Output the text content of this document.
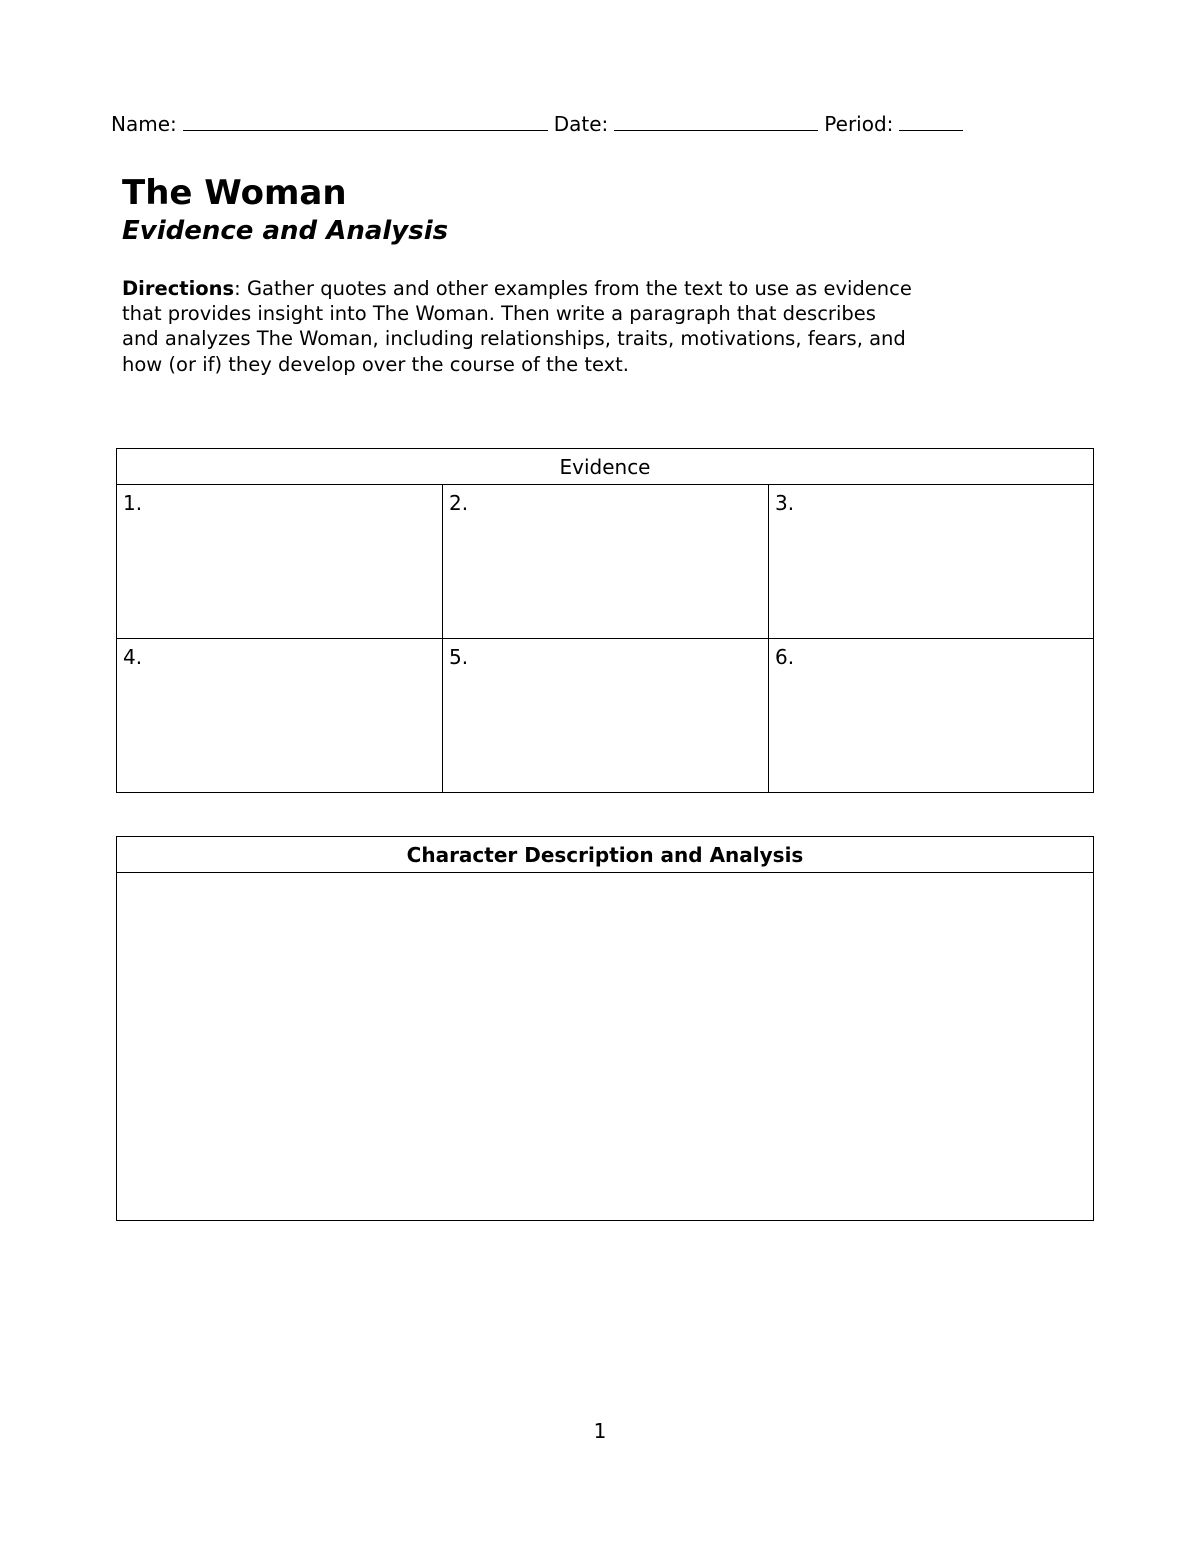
Name:	Date:	Period:
The Woman
Evidence and Analysis
Directions: Gather quotes and other examples from the text to use as evidence that provides insight into The Woman. Then write a paragraph that describes and analyzes The Woman, including relationships, traits, motivations, fears, and how (or if) they develop over the course of the text.
Evidence
1.	2.	3.
4.	5.	6.
Character Description and Analysis
1
